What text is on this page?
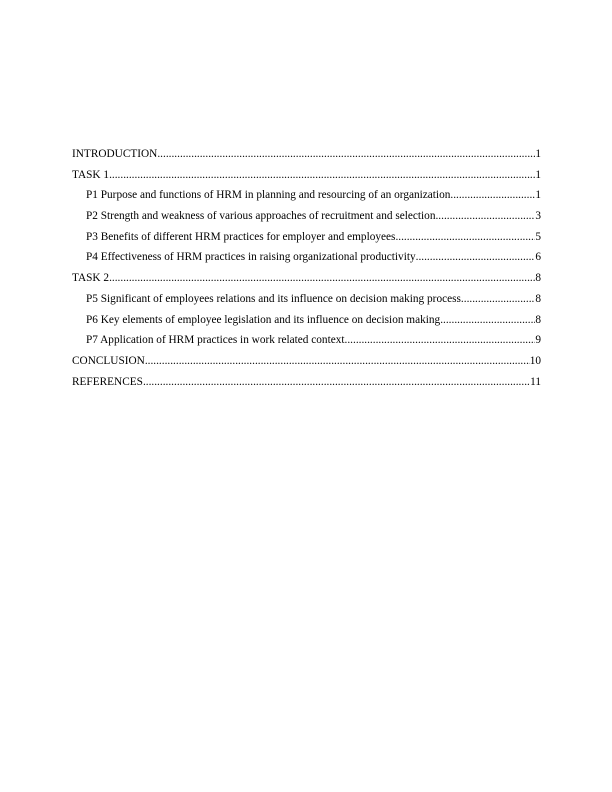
INTRODUCTION .....	1
TASK 1 .....	1
P1 Purpose and functions of HRM in planning and resourcing of an organization .....	1
P2 Strength and weakness of various approaches of recruitment and selection .....	3
P3 Benefits of different HRM practices for employer and employees .....	5
P4 Effectiveness of HRM practices in raising organizational productivity .....	6
TASK 2 .....	8
P5 Significant of employees relations and its influence on decision making process .....	8
P6 Key elements of employee legislation and its influence on decision making .....	8
P7 Application of HRM practices in work related context .....	9
CONCLUSION .....	10
REFERENCES .....	11
